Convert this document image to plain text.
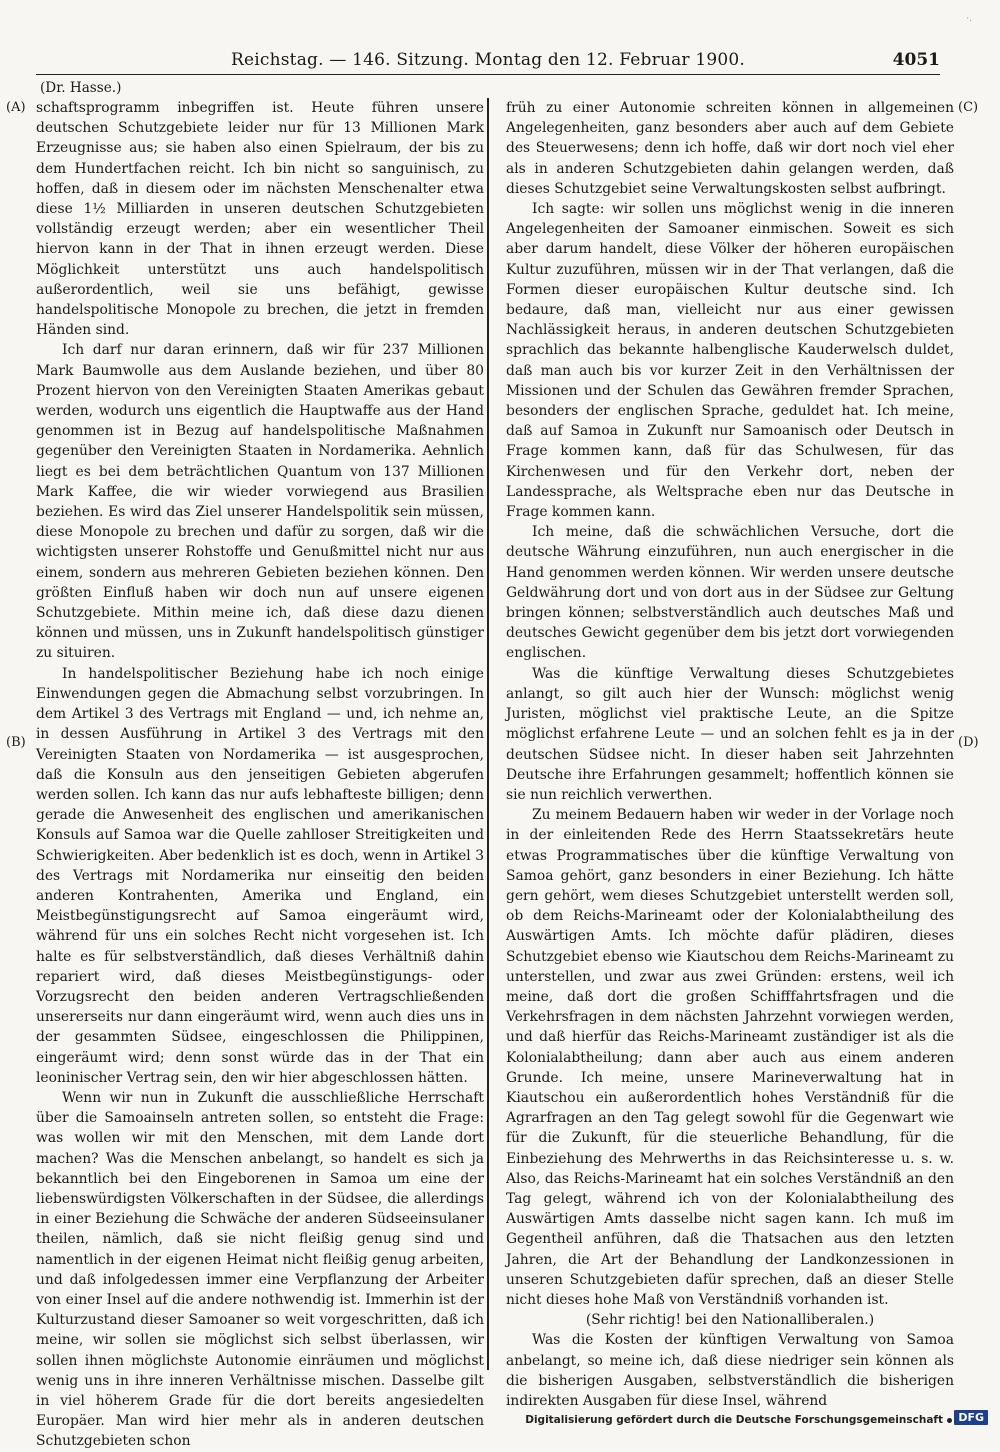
Reichstag. — 146. Sitzung. Montag den 12. Februar 1900.	4051
(Dr. Hasse.)
(A)
(B)
(C)
(D)

schaftsprogramm inbegriffen ist. Heute führen unsere deutschen Schutzgebiete leider nur für 13 Millionen Mark Erzeugnisse aus; sie haben also einen Spielraum, der bis zu dem Hundertfachen reicht. Ich bin nicht so sanguinisch, zu hoffen, daß in diesem oder im nächsten Menschenalter etwa diese 1½ Milliarden in unseren deutschen Schutzgebieten vollständig erzeugt werden; aber ein wesentlicher Theil hiervon kann in der That in ihnen erzeugt werden. Diese Möglichkeit unterstützt uns auch handelspolitisch außerordentlich, weil sie uns befähigt, gewisse handelspolitische Monopole zu brechen, die jetzt in fremden Händen sind.

Ich darf nur daran erinnern, daß wir für 237 Millionen Mark Baumwolle aus dem Auslande beziehen, und über 80 Prozent hiervon von den Vereinigten Staaten Amerikas gebaut werden, wodurch uns eigentlich die Hauptwaffe aus der Hand genommen ist in Bezug auf handelspolitische Maßnahmen gegenüber den Vereinigten Staaten in Nordamerika. Aehnlich liegt es bei dem beträchtlichen Quantum von 137 Millionen Mark Kaffee, die wir wieder vorwiegend aus Brasilien beziehen. Es wird das Ziel unserer Handelspolitik sein müssen, diese Monopole zu brechen und dafür zu sorgen, daß wir die wichtigsten unserer Rohstoffe und Genußmittel nicht nur aus einem, sondern aus mehreren Gebieten beziehen können. Den größten Einfluß haben wir doch nun auf unsere eigenen Schutzgebiete. Mithin meine ich, daß diese dazu dienen können und müssen, uns in Zukunft handelspolitisch günstiger zu situiren.

In handelspolitischer Beziehung habe ich noch einige Einwendungen gegen die Abmachung selbst vorzubringen. In dem Artikel 3 des Vertrags mit England — und, ich nehme an, in dessen Ausführung in Artikel 3 des Vertrags mit den Vereinigten Staaten von Nordamerika — ist ausgesprochen, daß die Konsuln aus den jenseitigen Gebieten abgerufen werden sollen. Ich kann das nur aufs lebhafteste billigen; denn gerade die Anwesenheit des englischen und amerikanischen Konsuls auf Samoa war die Quelle zahlloser Streitigkeiten und Schwierigkeiten. Aber bedenklich ist es doch, wenn in Artikel 3 des Vertrags mit Nordamerika nur einseitig den beiden anderen Kontrahenten, Amerika und England, ein Meistbegünstigungsrecht auf Samoa eingeräumt wird, während für uns ein solches Recht nicht vorgesehen ist. Ich halte es für selbstverständlich, daß dieses Verhältniß dahin repariert wird, daß dieses Meistbegünstigungs- oder Vorzugsrecht den beiden anderen Vertragschließenden unsererseits nur dann eingeräumt wird, wenn auch dies uns in der gesammten Südsee, eingeschlossen die Philippinen, eingeräumt wird; denn sonst würde das in der That ein leoninischer Vertrag sein, den wir hier abgeschlossen hätten.

Wenn wir nun in Zukunft die ausschließliche Herrschaft über die Samoainseln antreten sollen, so entsteht die Frage: was wollen wir mit den Menschen, mit dem Lande dort machen? Was die Menschen anbelangt, so handelt es sich ja bekanntlich bei den Eingeborenen in Samoa um eine der liebenswürdigsten Völkerschaften in der Südsee, die allerdings in einer Beziehung die Schwäche der anderen Südseeinsulaner theilen, nämlich, daß sie nicht fleißig genug sind und namentlich in der eigenen Heimat nicht fleißig genug arbeiten, und daß infolgedessen immer eine Verpflanzung der Arbeiter von einer Insel auf die andere nothwendig ist. Immerhin ist der Kulturzustand dieser Samoaner so weit vorgeschritten, daß ich meine, wir sollen sie möglichst sich selbst überlassen, wir sollen ihnen möglichste Autonomie einräumen und möglichst wenig uns in ihre inneren Verhältnisse mischen. Dasselbe gilt in viel höherem Grade für die dort bereits angesiedelten Europäer. Man wird hier mehr als in anderen deutschen Schutzgebieten schon

früh zu einer Autonomie schreiten können in allgemeinen Angelegenheiten, ganz besonders aber auch auf dem Gebiete des Steuerwesens; denn ich hoffe, daß wir dort noch viel eher als in anderen Schutzgebieten dahin gelangen werden, daß dieses Schutzgebiet seine Verwaltungskosten selbst aufbringt.

Ich sagte: wir sollen uns möglichst wenig in die inneren Angelegenheiten der Samoaner einmischen. Soweit es sich aber darum handelt, diese Völker der höheren europäischen Kultur zuzuführen, müssen wir in der That verlangen, daß die Formen dieser europäischen Kultur deutsche sind. Ich bedaure, daß man, vielleicht nur aus einer gewissen Nachlässigkeit heraus, in anderen deutschen Schutzgebieten sprachlich das bekannte halbenglische Kauderwelsch duldet, daß man auch bis vor kurzer Zeit in den Verhältnissen der Missionen und der Schulen das Gewähren fremder Sprachen, besonders der englischen Sprache, geduldet hat. Ich meine, daß auf Samoa in Zukunft nur Samoanisch oder Deutsch in Frage kommen kann, daß für das Schulwesen, für das Kirchenwesen und für den Verkehr dort, neben der Landessprache, als Weltsprache eben nur das Deutsche in Frage kommen kann.

Ich meine, daß die schwächlichen Versuche, dort die deutsche Währung einzuführen, nun auch energischer in die Hand genommen werden können. Wir werden unsere deutsche Geldwährung dort und von dort aus in der Südsee zur Geltung bringen können; selbstverständlich auch deutsches Maß und deutsches Gewicht gegenüber dem bis jetzt dort vorwiegenden englischen.

Was die künftige Verwaltung dieses Schutzgebietes anlangt, so gilt auch hier der Wunsch: möglichst wenig Juristen, möglichst viel praktische Leute, an die Spitze möglichst erfahrene Leute — und an solchen fehlt es ja in der deutschen Südsee nicht. In dieser haben seit Jahrzehnten Deutsche ihre Erfahrungen gesammelt; hoffentlich können sie sie nun reichlich verwerthen.

Zu meinem Bedauern haben wir weder in der Vorlage noch in der einleitenden Rede des Herrn Staatssekretärs heute etwas Programmatisches über die künftige Verwaltung von Samoa gehört, ganz besonders in einer Beziehung. Ich hätte gern gehört, wem dieses Schutzgebiet unterstellt werden soll, ob dem Reichs-Marineamt oder der Kolonialabtheilung des Auswärtigen Amts. Ich möchte dafür plädiren, dieses Schutzgebiet ebenso wie Kiautschou dem Reichs-Marineamt zu unterstellen, und zwar aus zwei Gründen: erstens, weil ich meine, daß dort die großen Schifffahrtsfragen und die Verkehrsfragen in dem nächsten Jahrzehnt vorwiegen werden, und daß hierfür das Reichs-Marineamt zuständiger ist als die Kolonialabtheilung; dann aber auch aus einem anderen Grunde. Ich meine, unsere Marineverwaltung hat in Kiautschou ein außerordentlich hohes Verständniß für die Agrarfragen an den Tag gelegt sowohl für die Gegenwart wie für die Zukunft, für die steuerliche Behandlung, für die Einbeziehung des Mehrwerths in das Reichsinteresse u. s. w. Also, das Reichs-Marineamt hat ein solches Verständniß an den Tag gelegt, während ich von der Kolonialabtheilung des Auswärtigen Amts dasselbe nicht sagen kann. Ich muß im Gegentheil anführen, daß die Thatsachen aus den letzten Jahren, die Art der Behandlung der Landkonzessionen in unseren Schutzgebieten dafür sprechen, daß an dieser Stelle nicht dieses hohe Maß von Verständniß vorhanden ist.

(Sehr richtig! bei den Nationalliberalen.)

Was die Kosten der künftigen Verwaltung von Samoa anbelangt, so meine ich, daß diese niedriger sein können als die bisherigen Ausgaben, selbstverständlich die bisherigen indirekten Ausgaben für diese Insel, während

·.
Digitalisierung gefördert durch die Deutsche Forschungsgemeinschaft	DFG
